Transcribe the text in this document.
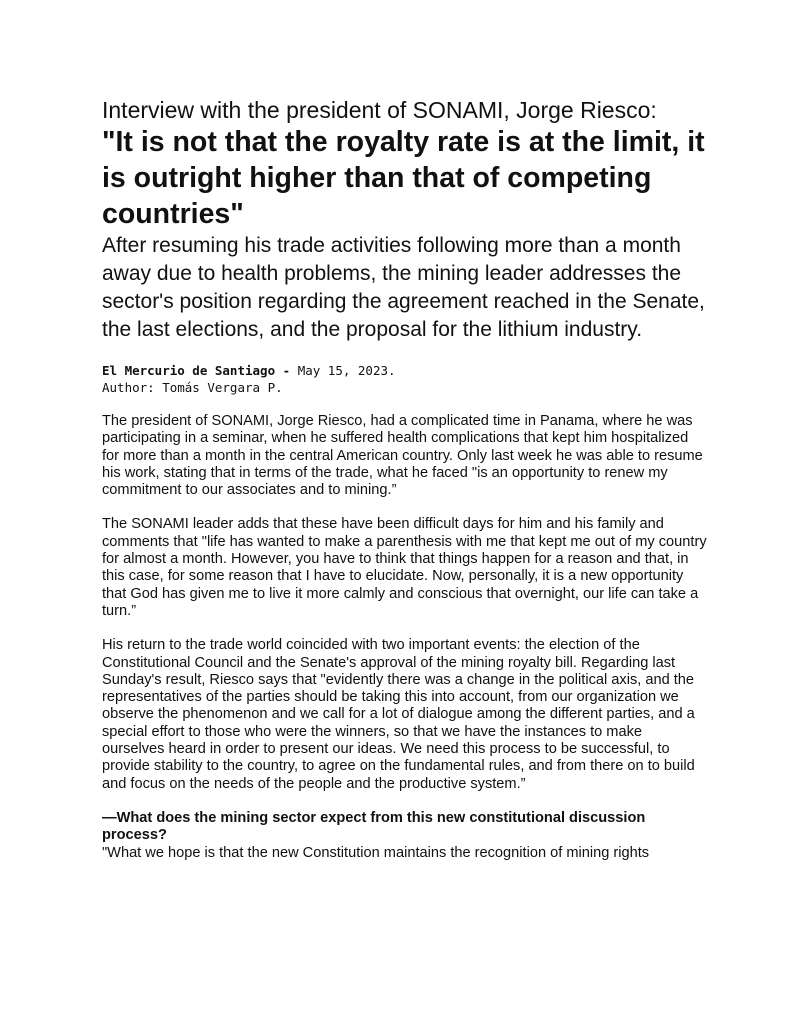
Interview with the president of SONAMI, Jorge Riesco:
"It is not that the royalty rate is at the limit, it is outright higher than that of competing countries"

After resuming his trade activities following more than a month away due to health problems, the mining leader addresses the sector's position regarding the agreement reached in the Senate, the last elections, and the proposal for the lithium industry.

El Mercurio de Santiago - May 15, 2023.
Author: Tomás Vergara P.

The president of SONAMI, Jorge Riesco, had a complicated time in Panama, where he was participating in a seminar, when he suffered health complications that kept him hospitalized for more than a month in the central American country. Only last week he was able to resume his work, stating that in terms of the trade, what he faced "is an opportunity to renew my commitment to our associates and to mining.”

The SONAMI leader adds that these have been difficult days for him and his family and comments that "life has wanted to make a parenthesis with me that kept me out of my country for almost a month. However, you have to think that things happen for a reason and that, in this case, for some reason that I have to elucidate. Now, personally, it is a new opportunity that God has given me to live it more calmly and conscious that overnight, our life can take a turn.”

His return to the trade world coincided with two important events: the election of the Constitutional Council and the Senate's approval of the mining royalty bill. Regarding last Sunday's result, Riesco says that "evidently there was a change in the political axis, and the representatives of the parties should be taking this into account, from our organization we observe the phenomenon and we call for a lot of dialogue among the different parties, and a special effort to those who were the winners, so that we have the instances to make ourselves heard in order to present our ideas. We need this process to be successful, to provide stability to the country, to agree on the fundamental rules, and from there on to build and focus on the needs of the people and the productive system.”

—What does the mining sector expect from this new constitutional discussion process?

"What we hope is that the new Constitution maintains the recognition of mining rights
